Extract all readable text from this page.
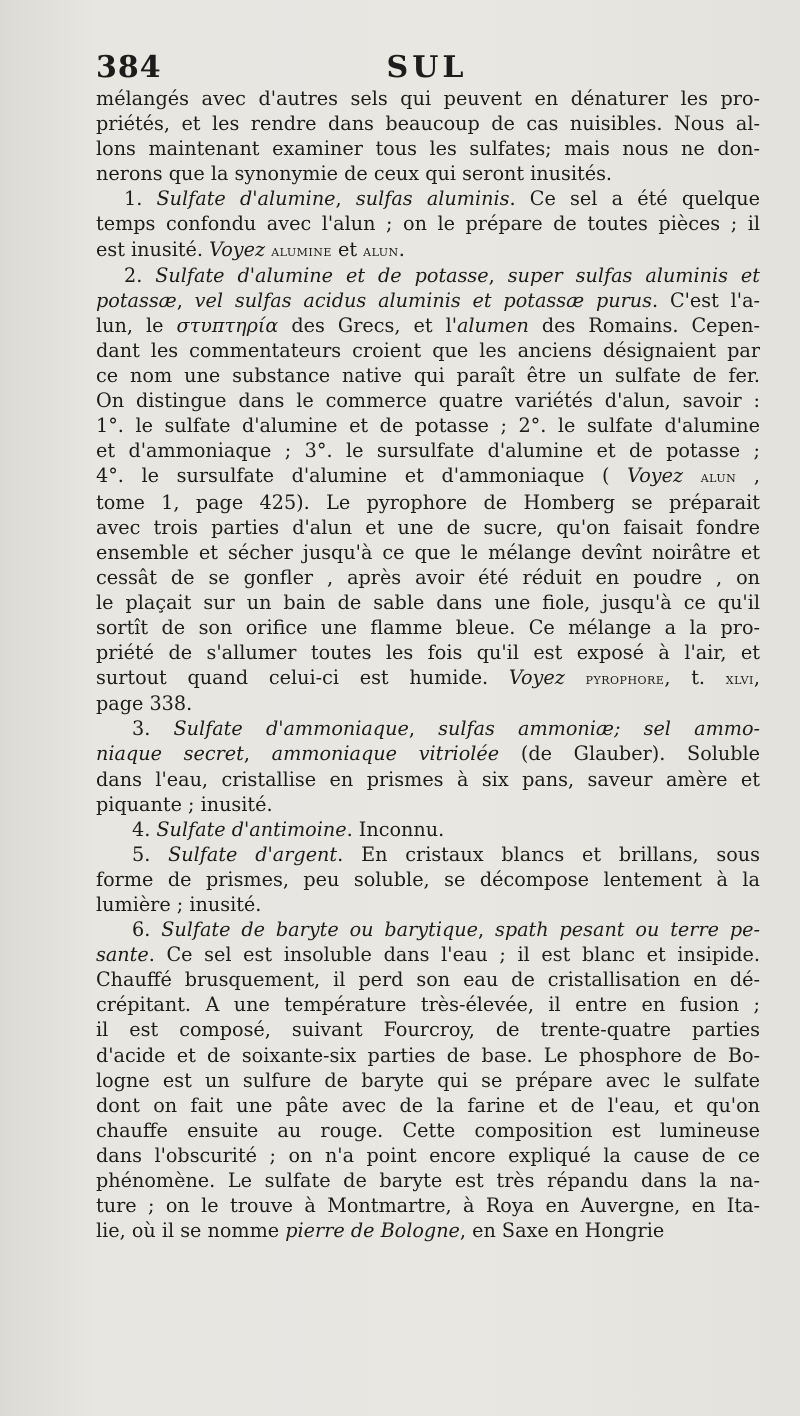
384	SUL
mélangés avec d'autres sels qui peuvent en dénaturer les pro-
priétés, et les rendre dans beaucoup de cas nuisibles. Nous al-
lons maintenant examiner tous les sulfates; mais nous ne don-
nerons que la synonymie de ceux qui seront inusités.
1. Sulfate d'alumine, sulfas aluminis. Ce sel a été quelque
temps confondu avec l'alun ; on le prépare de toutes pièces ; il
est inusité. Voyez alumine et alun.
2. Sulfate d'alumine et de potasse, super sulfas aluminis et
potassæ, vel sulfas acidus aluminis et potassæ purus. C'est l'a-
lun, le στυπτηρία des Grecs, et l'alumen des Romains. Cepen-
dant les commentateurs croient que les anciens désignaient par
ce nom une substance native qui paraît être un sulfate de fer.
On distingue dans le commerce quatre variétés d'alun, savoir :
1°. le sulfate d'alumine et de potasse ; 2°. le sulfate d'alumine
et d'ammoniaque ; 3°. le sursulfate d'alumine et de potasse ;
4°. le sursulfate d'alumine et d'ammoniaque ( Voyez alun ,
tome 1, page 425). Le pyrophore de Homberg se préparait
avec trois parties d'alun et une de sucre, qu'on faisait fondre
ensemble et sécher jusqu'à ce que le mélange devînt noirâtre et
cessât de se gonfler , après avoir été réduit en poudre , on
le plaçait sur un bain de sable dans une fiole, jusqu'à ce qu'il
sortît de son orifice une flamme bleue. Ce mélange a la pro-
priété de s'allumer toutes les fois qu'il est exposé à l'air, et
surtout quand celui-ci est humide. Voyez pyrophore, t. xlvi,
page 338.
3. Sulfate d'ammoniaque, sulfas ammoniæ; sel ammo-
niaque secret, ammoniaque vitriolée (de Glauber). Soluble
dans l'eau, cristallise en prismes à six pans, saveur amère et
piquante ; inusité.
4. Sulfate d'antimoine. Inconnu.
5. Sulfate d'argent. En cristaux blancs et brillans, sous
forme de prismes, peu soluble, se décompose lentement à la
lumière ; inusité.
6. Sulfate de baryte ou barytique, spath pesant ou terre pe-
sante. Ce sel est insoluble dans l'eau ; il est blanc et insipide.
Chauffé brusquement, il perd son eau de cristallisation en dé-
crépitant. A une température très-élevée, il entre en fusion ;
il est composé, suivant Fourcroy, de trente-quatre parties
d'acide et de soixante-six parties de base. Le phosphore de Bo-
logne est un sulfure de baryte qui se prépare avec le sulfate
dont on fait une pâte avec de la farine et de l'eau, et qu'on
chauffe ensuite au rouge. Cette composition est lumineuse
dans l'obscurité ; on n'a point encore expliqué la cause de ce
phénomène. Le sulfate de baryte est très répandu dans la na-
ture ; on le trouve à Montmartre, à Roya en Auvergne, en Ita-
lie, où il se nomme pierre de Bologne, en Saxe en Hongrie
